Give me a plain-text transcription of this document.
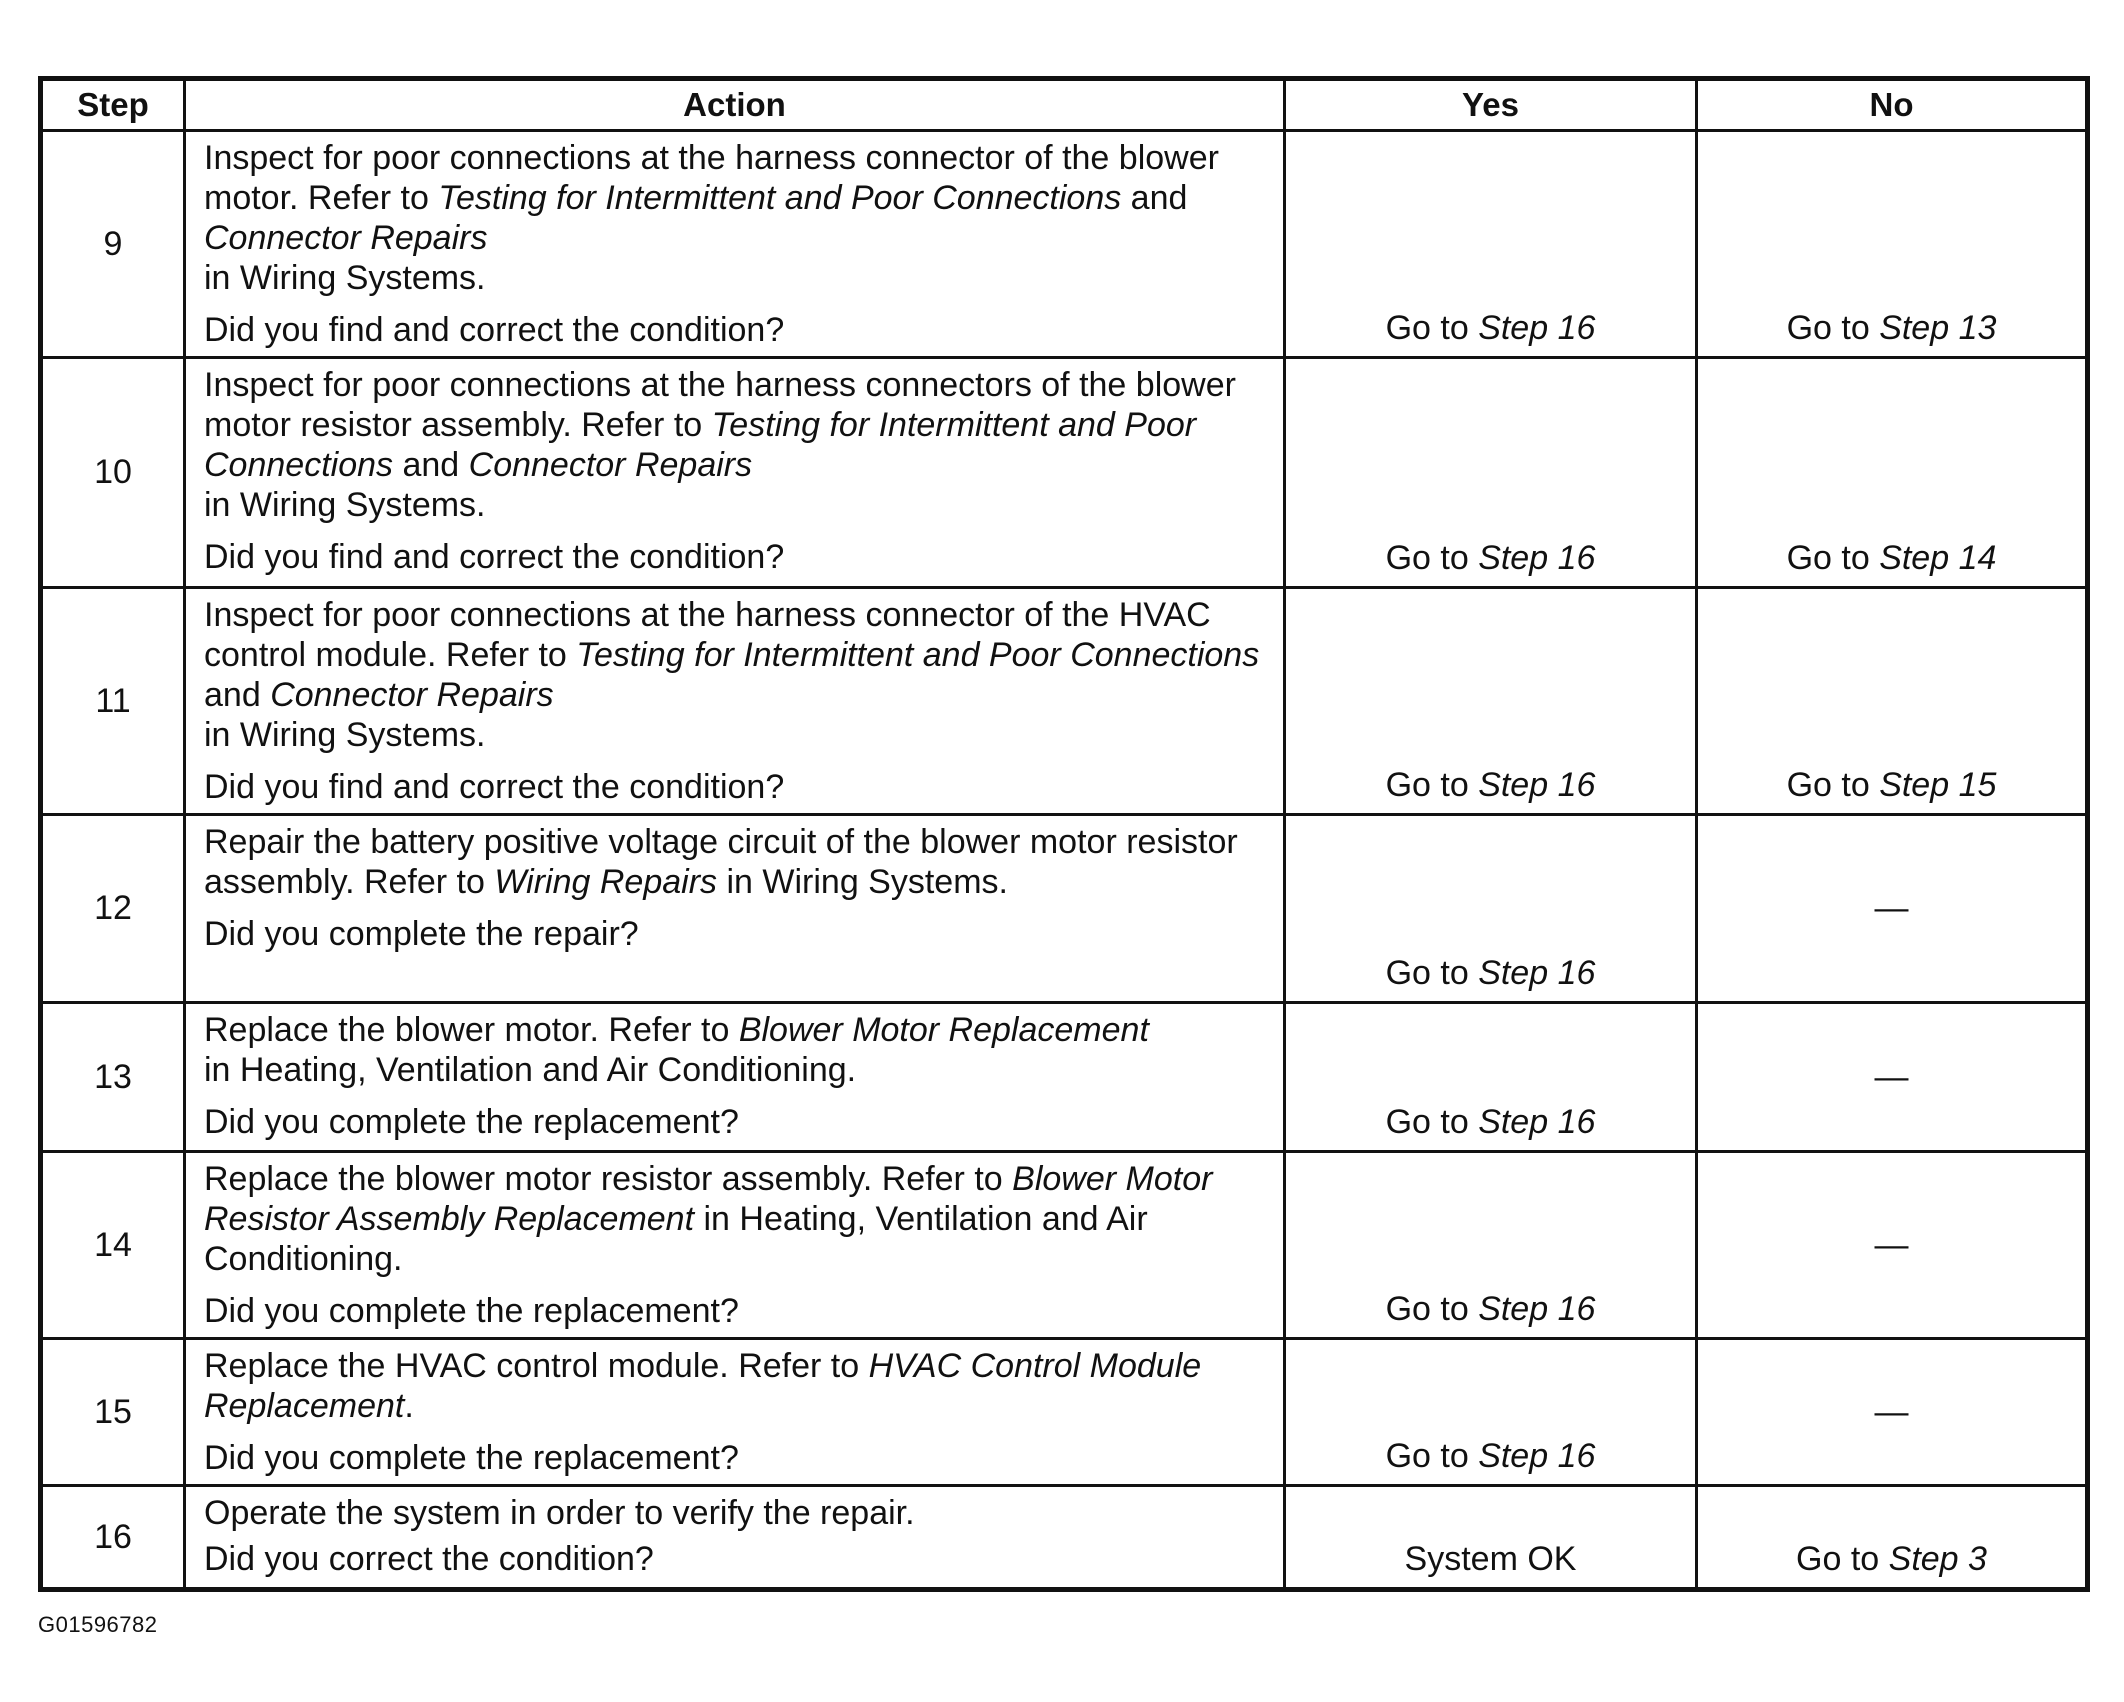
Step	Action	Yes	No
9	Inspect for poor connections at the harness connector of the blower motor. Refer to Testing for Intermittent and Poor Connections and Connector Repairs
in Wiring Systems.
Did you find and correct the condition?	Go to Step 16	Go to Step 13
10	Inspect for poor connections at the harness connectors of the blower motor resistor assembly. Refer to Testing for Intermittent and Poor Connections and Connector Repairs
in Wiring Systems.
Did you find and correct the condition?	Go to Step 16	Go to Step 14
11	Inspect for poor connections at the harness connector of the HVAC control module. Refer to Testing for Intermittent and Poor Connections and Connector Repairs
in Wiring Systems.
Did you find and correct the condition?	Go to Step 16	Go to Step 15
12	Repair the battery positive voltage circuit of the blower motor resistor assembly. Refer to Wiring Repairs in Wiring Systems.
Did you complete the repair?	Go to Step 16	—
13	Replace the blower motor. Refer to Blower Motor Replacement
in Heating, Ventilation and Air Conditioning.
Did you complete the replacement?	Go to Step 16	—
14	Replace the blower motor resistor assembly. Refer to Blower Motor Resistor Assembly Replacement in Heating, Ventilation and Air Conditioning.
Did you complete the replacement?	Go to Step 16	—
15	Replace the HVAC control module. Refer to HVAC Control Module Replacement.
Did you complete the replacement?	Go to Step 16	—
16	Operate the system in order to verify the repair.
Did you correct the condition?	System OK	Go to Step 3
G01596782
